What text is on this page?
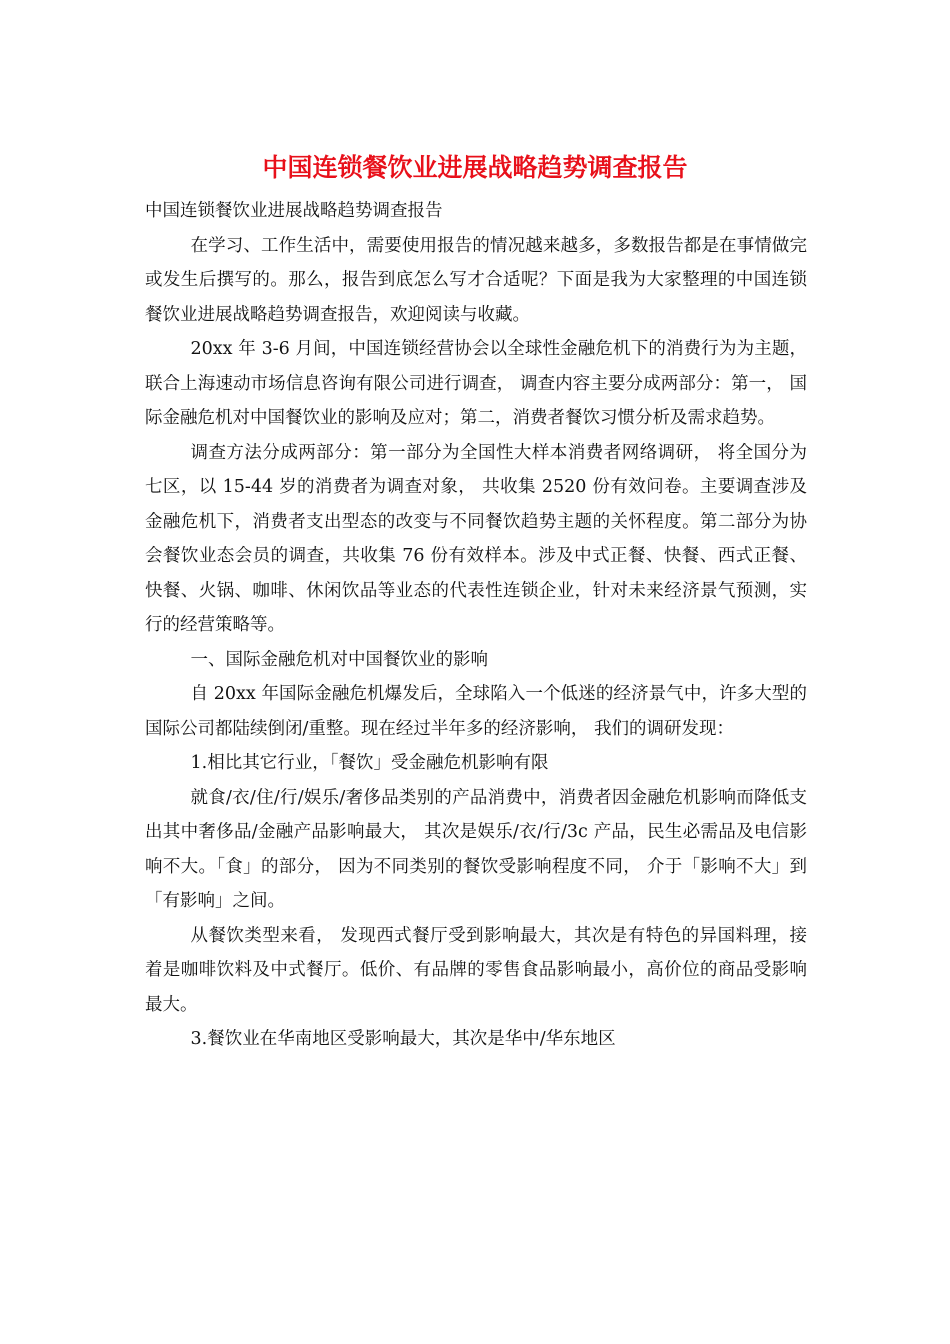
中国连锁餐饮业进展战略趋势调查报告

中国连锁餐饮业进展战略趋势调查报告

在学习、工作生活中，需要使用报告的情况越来越多，多数报告都是在事情做完或发生后撰写的。那么，报告到底怎么写才合适呢？下面是我为大家整理的中国连锁餐饮业进展战略趋势调查报告，欢迎阅读与收藏。

20xx 年 3-6 月间，中国连锁经营协会以全球性金融危机下的消费行为为主题，联合上海速动市场信息咨询有限公司进行调查， 调查内容主要分成两部分：第一， 国际金融危机对中国餐饮业的影响及应对；第二，消费者餐饮习惯分析及需求趋势。

调查方法分成两部分：第一部分为全国性大样本消费者网络调研， 将全国分为七区，以 15-44 岁的消费者为调查对象， 共收集 2520 份有效问卷。主要调查涉及金融危机下，消费者支出型态的改变与不同餐饮趋势主题的关怀程度。第二部分为协会餐饮业态会员的调查，共收集 76 份有效样本。涉及中式正餐、快餐、西式正餐、快餐、火锅、咖啡、休闲饮品等业态的代表性连锁企业，针对未来经济景气预测，实行的经营策略等。

一、国际金融危机对中国餐饮业的影响

自 20xx 年国际金融危机爆发后，全球陷入一个低迷的经济景气中，许多大型的国际公司都陆续倒闭/重整。现在经过半年多的经济影响， 我们的调研发现：

1.相比其它行业，「餐饮」受金融危机影响有限

就食/衣/住/行/娱乐/奢侈品类别的产品消费中，消费者因金融危机影响而降低支出其中奢侈品/金融产品影响最大， 其次是娱乐/衣/行/3c 产品，民生必需品及电信影响不大。「食」的部分， 因为不同类别的餐饮受影响程度不同， 介于「影响不大」到「有影响」之间。

从餐饮类型来看， 发现西式餐厅受到影响最大，其次是有特色的异国料理，接着是咖啡饮料及中式餐厅。低价、有品牌的零售食品影响最小，高价位的商品受影响最大。

3.餐饮业在华南地区受影响最大，其次是华中/华东地区
